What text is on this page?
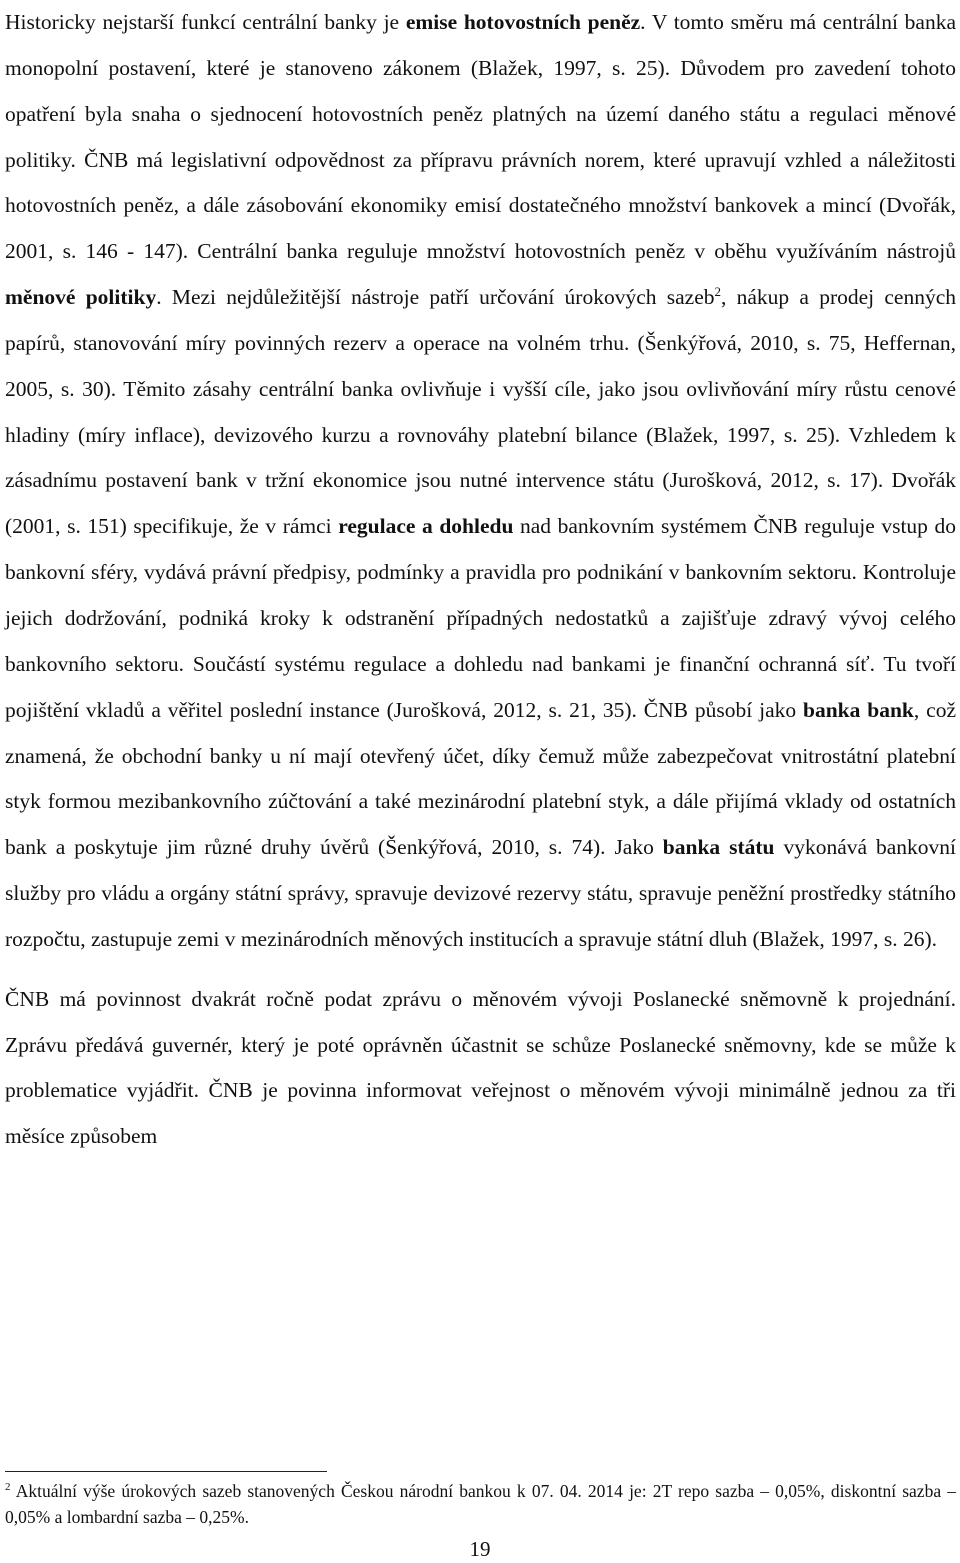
Historicky nejstarší funkcí centrální banky je emise hotovostních peněz. V tomto směru má centrální banka monopolní postavení, které je stanoveno zákonem (Blažek, 1997, s. 25). Důvodem pro zavedení tohoto opatření byla snaha o sjednocení hotovostních peněz platných na území daného státu a regulaci měnové politiky. ČNB má legislativní odpovědnost za přípravu právních norem, které upravují vzhled a náležitosti hotovostních peněz, a dále zásobování ekonomiky emisí dostatečného množství bankovek a mincí (Dvořák, 2001, s. 146 - 147). Centrální banka reguluje množství hotovostních peněz v oběhu využíváním nástrojů měnové politiky. Mezi nejdůležitější nástroje patří určování úrokových sazeb$^2$, nákup a prodej cenných papírů, stanovování míry povinných rezerv a operace na volném trhu. (Šenkýřová, 2010, s. 75, Heffernan, 2005, s. 30). Těmito zásahy centrální banka ovlivňuje i vyšší cíle, jako jsou ovlivňování míry růstu cenové hladiny (míry inflace), devizového kurzu a rovnováhy platební bilance (Blažek, 1997, s. 25). Vzhledem k zásadnímu postavení bank v tržní ekonomice jsou nutné intervence státu (Jurošková, 2012, s. 17). Dvořák (2001, s. 151) specifikuje, že v rámci regulace a dohledu nad bankovním systémem ČNB reguluje vstup do bankovní sféry, vydává právní předpisy, podmínky a pravidla pro podnikání v bankovním sektoru. Kontroluje jejich dodržování, podniká kroky k odstranění případných nedostatků a zajišťuje zdravý vývoj celého bankovního sektoru. Součástí systému regulace a dohledu nad bankami je finanční ochranná síť. Tu tvoří pojištění vkladů a věřitel poslední instance (Jurošková, 2012, s. 21, 35). ČNB působí jako banka bank, což znamená, že obchodní banky u ní mají otevřený účet, díky čemuž může zabezpečovat vnitrostátní platební styk formou mezibankovního zúčtování a také mezinárodní platební styk, a dále přijímá vklady od ostatních bank a poskytuje jim různé druhy úvěrů (Šenkýřová, 2010, s. 74). Jako banka státu vykonává bankovní služby pro vládu a orgány státní správy, spravuje devizové rezervy státu, spravuje peněžní prostředky státního rozpočtu, zastupuje zemi v mezinárodních měnových institucích a spravuje státní dluh (Blažek, 1997, s. 26).

ČNB má povinnost dvakrát ročně podat zprávu o měnovém vývoji Poslanecké sněmovně k projednání. Zprávu předává guvernér, který je poté oprávněn účastnit se schůze Poslanecké sněmovny, kde se může k problematice vyjádřit. ČNB je povinna informovat veřejnost o měnovém vývoji minimálně jednou za tři měsíce způsobem

$^2$ Aktuální výše úrokových sazeb stanovených Českou národní bankou k 07. 04. 2014 je: 2T repo sazba – 0,05%, diskontní sazba – 0,05% a lombardní sazba – 0,25%.

19
